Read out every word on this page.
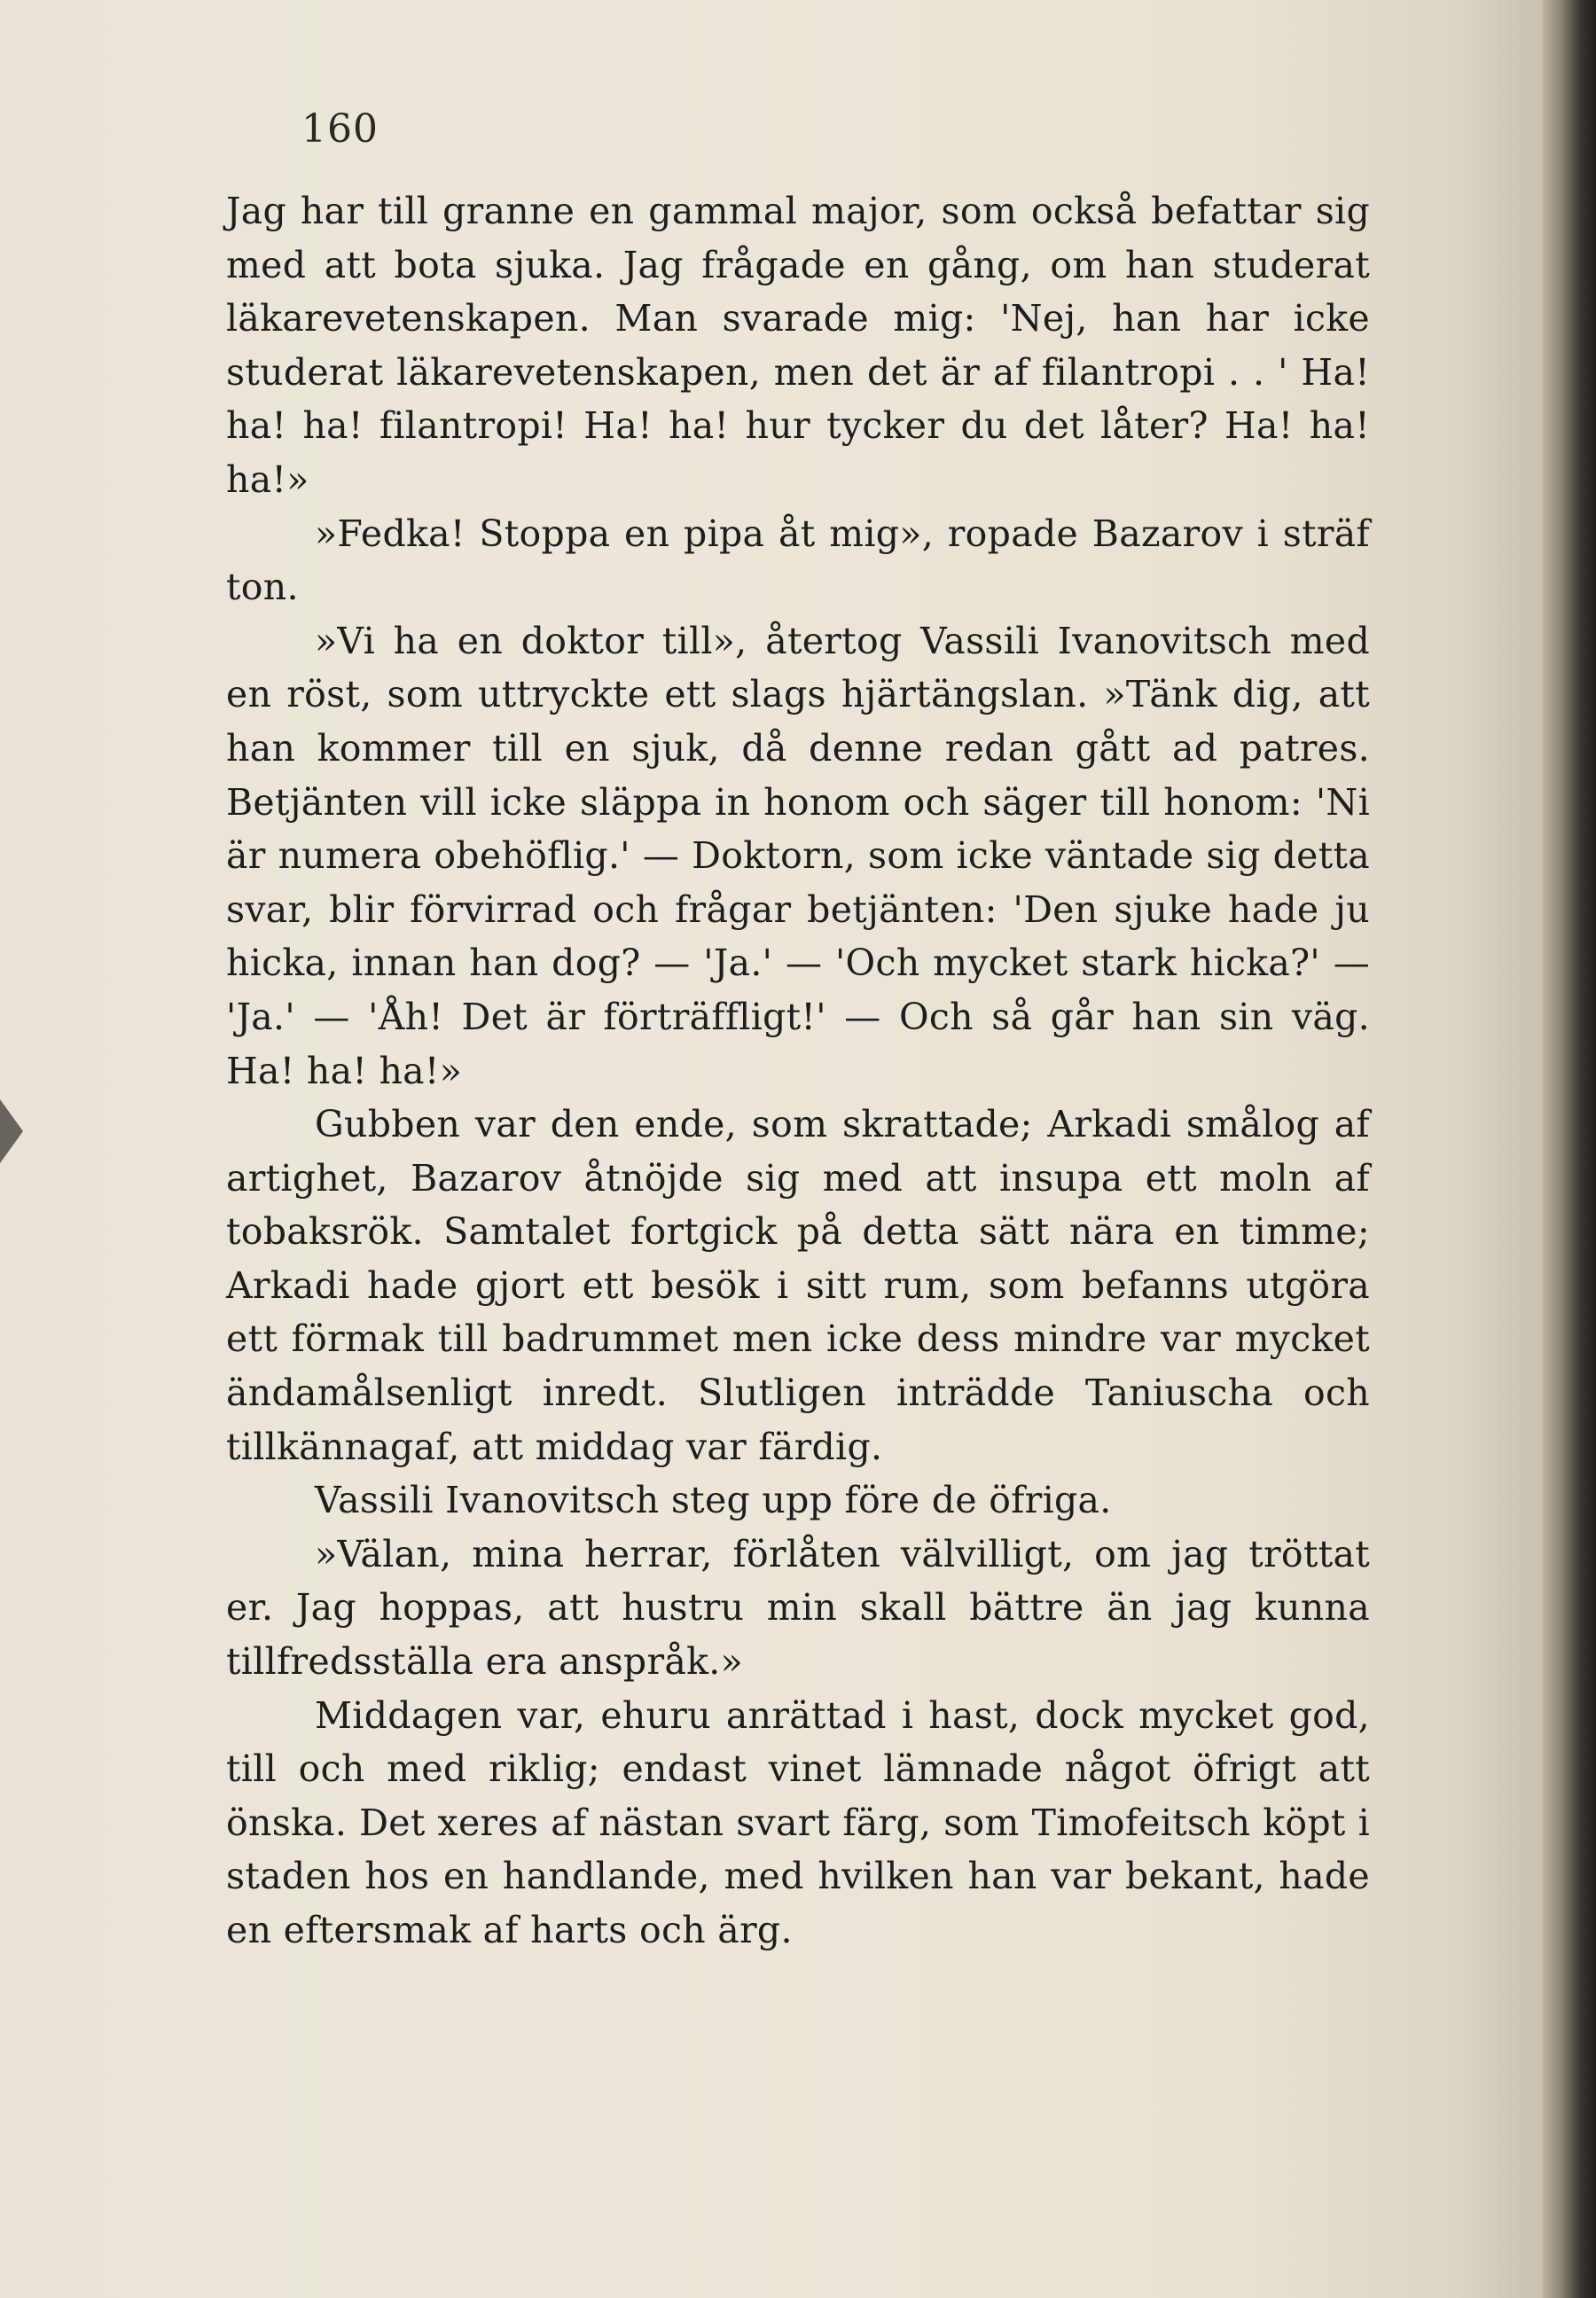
160

Jag har till granne en gammal major, som också befattar sig med att bota sjuka. Jag frågade en gång, om han studerat läkarevetenskapen. Man svarade mig: 'Nej, han har icke studerat läkarevetenskapen, men det är af filantropi . . ' Ha! ha! ha! filantropi! Ha! ha! hur tycker du det låter? Ha! ha! ha!»

»Fedka! Stoppa en pipa åt mig», ropade Bazarov i sträf ton.

»Vi ha en doktor till», återtog Vassili Ivanovitsch med en röst, som uttryckte ett slags hjärtängslan. »Tänk dig, att han kommer till en sjuk, då denne redan gått ad patres. Betjänten vill icke släppa in honom och säger till honom: 'Ni är numera obehöflig.' — Doktorn, som icke väntade sig detta svar, blir förvirrad och frågar betjänten: 'Den sjuke hade ju hicka, innan han dog? — 'Ja.' — 'Och mycket stark hicka?' — 'Ja.' — 'Åh! Det är förträffligt!' — Och så går han sin väg. Ha! ha! ha!»

Gubben var den ende, som skrattade; Arkadi smålog af artighet, Bazarov åtnöjde sig med att insupa ett moln af tobaksrök. Samtalet fortgick på detta sätt nära en timme; Arkadi hade gjort ett besök i sitt rum, som befanns utgöra ett förmak till badrummet men icke dess mindre var mycket ändamålsenligt inredt. Slutligen inträdde Taniuscha och tillkännagaf, att middag var färdig.

Vassili Ivanovitsch steg upp före de öfriga.

»Välan, mina herrar, förlåten välvilligt, om jag tröttat er. Jag hoppas, att hustru min skall bättre än jag kunna tillfredsställa era anspråk.»

Middagen var, ehuru anrättad i hast, dock mycket god, till och med riklig; endast vinet lämnade något öfrigt att önska. Det xeres af nästan svart färg, som Timofeitsch köpt i staden hos en handlande, med hvilken han var bekant, hade en eftersmak af harts och ärg.
